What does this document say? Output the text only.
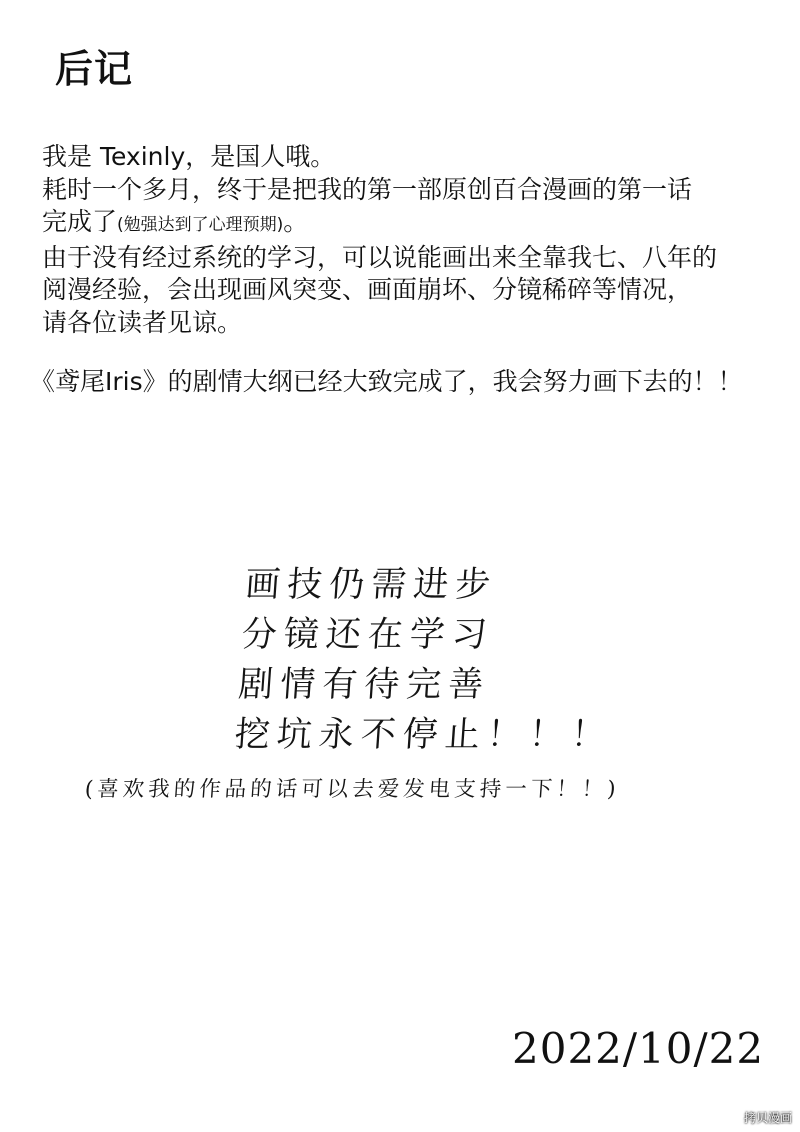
后记
我是 Texinly，是国人哦。
耗时一个多月，终于是把我的第一部原创百合漫画的第一话
完成了(勉强达到了心理预期)。
由于没有经过系统的学习，可以说能画出来全靠我七、八年的
阅漫经验，会出现画风突变、画面崩坏、分镜稀碎等情况，
请各位读者见谅。
《鸢尾Iris》的剧情大纲已经大致完成了，我会努力画下去的！！
画技仍需进步
分镜还在学习
剧情有待完善
挖坑永不停止！！！
(喜欢我的作品的话可以去爱发电支持一下！！)
2022/10/22
拷贝漫画
